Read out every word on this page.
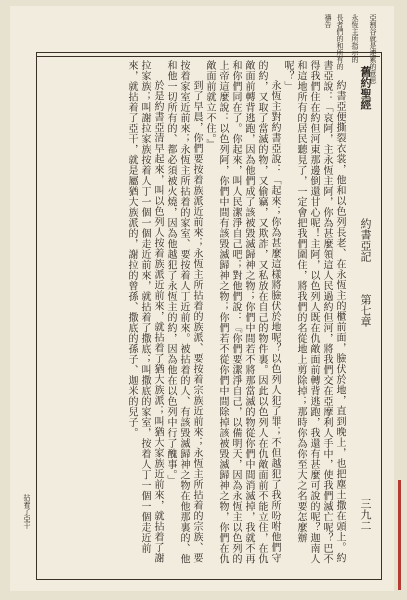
亞割谷就是連累的意思
永恆主所指示的
長者們的和所有的
禱告
舊約聖經
約書亞記
第七章
三九二

約書亞便撕裂衣裳，他和以色列長老、在永恆主的櫃前面，臉伏於地，直到晚上，也把塵土撒在頭上。約書亞說：「哀阿，主永恆主阿，你為甚麼領這人民過約但河，將我們交在亞摩利人手中，使我們滅亡呢？巴不得我們住在約但河東那邊倒還甘心呢！主阿，以色列人既在仇敵面前轉背逃跑，我還有甚麼可說的呢？迦南人和這地所有的居民聽見了，一定會把我們圍住，將我們的名從地上剪除掉；那時你為你至大之名要怎麼辦呢？」

永恆主對約書亞說：「起來；你為甚麼這樣將臉伏於地呢？以色列人犯了罪；不但越犯了我所吩咐他們守的約，又取了當滅的物，又偷竊，又欺詐，又私放在自己的物件裏。因此以色列人在仇敵面前不能立住，在仇敵面前轉背逃跑，因為他們成了該被毀滅歸神之物；你們中間若不將那當滅的物從你們中間消滅掉，我就不再和你們同在了。你起來，叫人民潔淨自己吧；對他們說：『你們要潔淨自己，以備明天，因為永恆主以色列的上帝這麼說：以色列阿，你們中間有該毀滅歸神之物；你們若不從你們中間除掉該被毀滅歸神之物，你們在仇敵面前就立不住。』

到了早晨，你們要按着族派近前來；永恆主所拈着的族派、要按着宗族近前來；永恆主所拈着的宗族、要按着家室近前來；永恆主所拈着的家室、要按着人丁近前來。被拈着的人、有該毀滅歸神之物在他那裏的、他和他一切所有的、都必須被火燒，因為他越犯了永恆主的約，因為他在以色列中行了醜事。」

於是約書亞清早起來，叫以色列人按着族派近前來，就拈着了猶大族派；叫猶大家族近前來，就拈着了謝拉家族；叫謝拉家族按着人丁一個一個走近前來，就拈着了撒底；叫撒底的家室，按着人丁一個一個走近前來，就拈着了亞干，就是屬猶大族派的，謝拉的曾孫、撒底的孫子、迦米的兒子。

拈着了亞干
